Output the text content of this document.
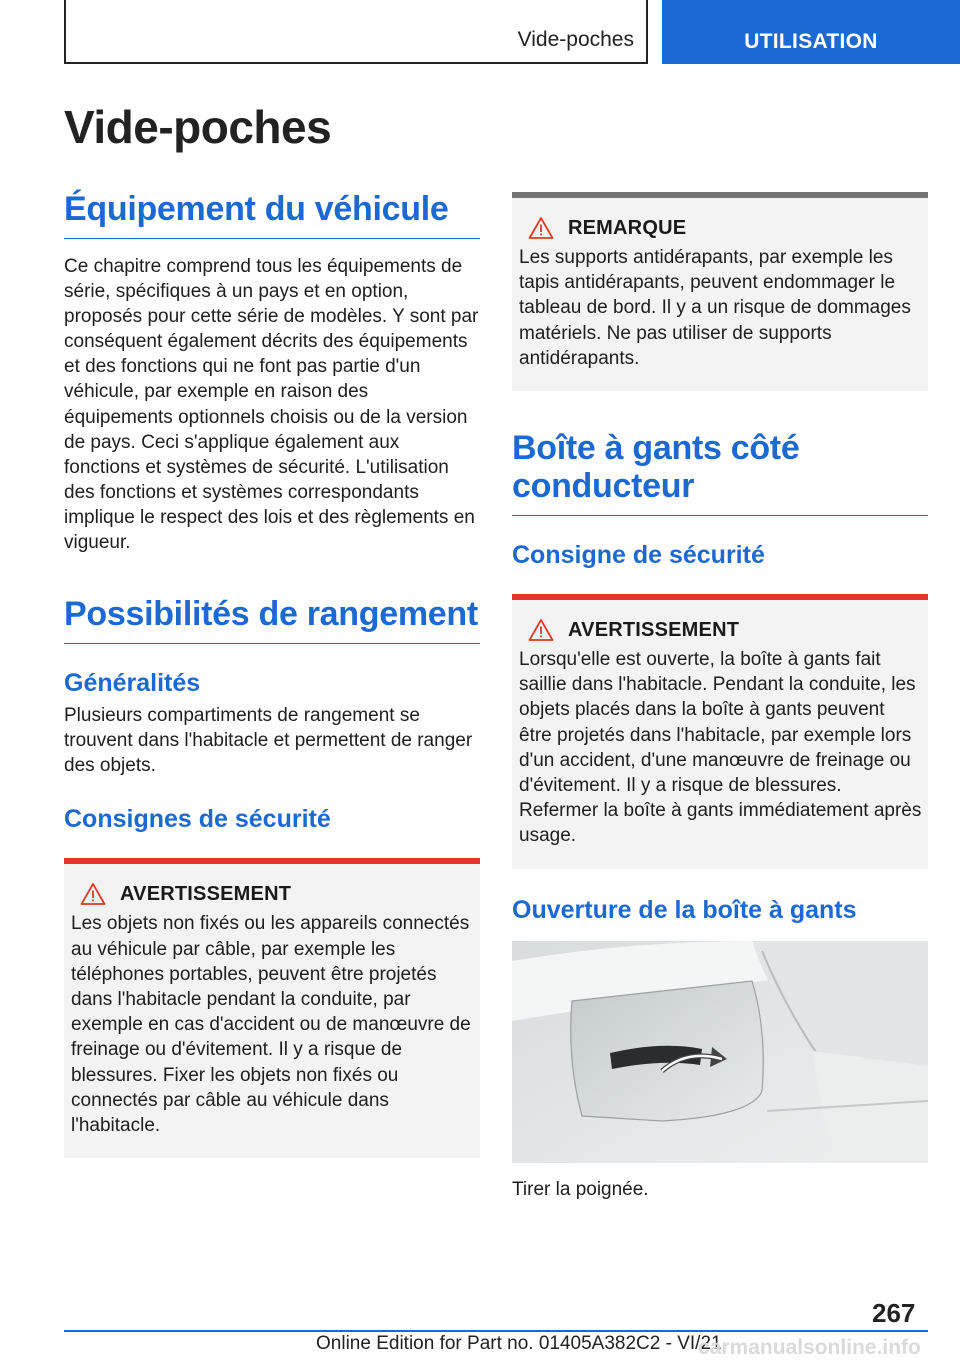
Vide-poches	UTILISATION
Vide-poches
Équipement du véhicule

Ce chapitre comprend tous les équipements de série, spécifiques à un pays et en option, proposés pour cette série de modèles. Y sont par conséquent également décrits des équipements et des fonctions qui ne font pas partie d'un véhicule, par exemple en raison des équipements optionnels choisis ou de la version de pays. Ceci s'applique également aux fonctions et systèmes de sécurité. L'utilisation des fonctions et systèmes correspondants implique le respect des lois et des règlements en vigueur.

Possibilités de rangement
Généralités

Plusieurs compartiments de rangement se trouvent dans l'habitacle et permettent de ranger des objets.

Consignes de sécurité
AVERTISSEMENT

Les objets non fixés ou les appareils connectés au véhicule par câble, par exemple les téléphones portables, peuvent être projetés dans l'habitacle pendant la conduite, par exemple en cas d'accident ou de manœuvre de freinage ou d'évitement. Il y a risque de blessures. Fixer les objets non fixés ou connectés par câble au véhicule dans l'habitacle.

REMARQUE

Les supports antidérapants, par exemple les tapis antidérapants, peuvent endommager le tableau de bord. Il y a un risque de dommages matériels. Ne pas utiliser de supports antidérapants.

Boîte à gants côté conducteur
Consigne de sécurité
AVERTISSEMENT

Lorsqu'elle est ouverte, la boîte à gants fait saillie dans l'habitacle. Pendant la conduite, les objets placés dans la boîte à gants peuvent être projetés dans l'habitacle, par exemple lors d'un accident, d'une manœuvre de freinage ou d'évitement. Il y a risque de blessures. Refermer la boîte à gants immédiatement après usage.

Ouverture de la boîte à gants

Tirer la poignée.

267
Online Edition for Part no. 01405A382C2 - VI/21
carmanualsonline.info
